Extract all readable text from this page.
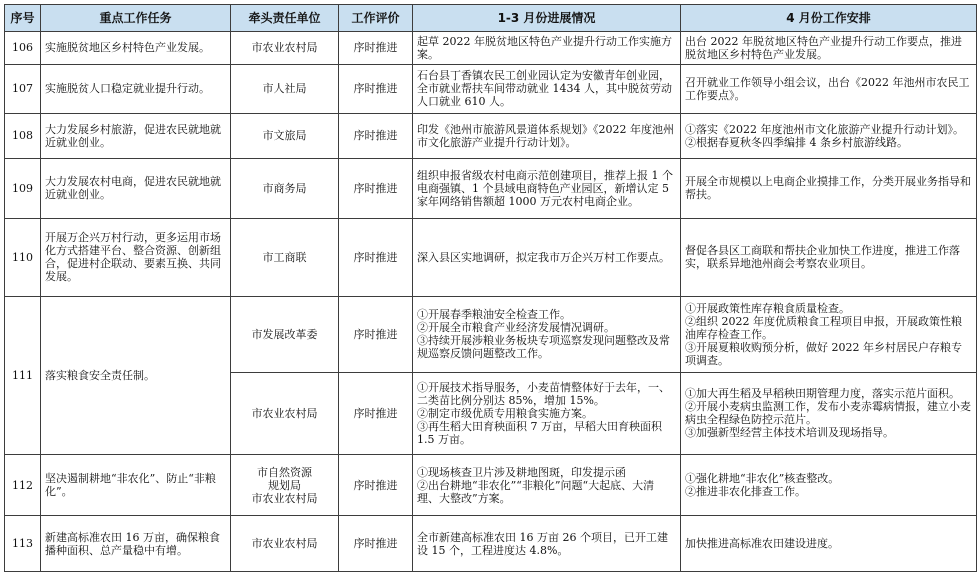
序号	重点工作任务	牵头责任单位	工作评价	1-3 月份进展情况	4 月份工作安排
106	实施脱贫地区乡村特色产业发展。	市农业农村局	序时推进	起草 2022 年脱贫地区特色产业提升行动工作实施方案。	出台 2022 年脱贫地区特色产业提升行动工作要点，推进脱贫地区乡村特色产业发展。
107	实施脱贫人口稳定就业提升行动。	市人社局	序时推进	石台县丁香镇农民工创业园认定为安徽青年创业园，全市就业帮扶车间带动就业 1434 人，其中脱贫劳动人口就业 610 人。	召开就业工作领导小组会议，出台《2022 年池州市农民工工作要点》。
108	大力发展乡村旅游，促进农民就地就近就业创业。	市文旅局	序时推进	印发《池州市旅游风景道体系规划》《2022 年度池州市文化旅游产业提升行动计划》。	①落实《2022 年度池州市文化旅游产业提升行动计划》。 ②根据春夏秋冬四季编排 4 条乡村旅游线路。
109	大力发展农村电商，促进农民就地就近就业创业。	市商务局	序时推进	组织申报省级农村电商示范创建项目，推荐上报 1 个电商强镇、1 个县域电商特色产业园区，新增认定 5 家年网络销售额超 1000 万元农村电商企业。	开展全市规模以上电商企业摸排工作，分类开展业务指导和帮扶。
110	开展万企兴万村行动，更多运用市场化方式搭建平台、整合资源、创新组合，促进村企联动、要素互换、共同发展。	市工商联	序时推进	深入县区实地调研，拟定我市万企兴万村工作要点。	督促各县区工商联和帮扶企业加快工作进度，推进工作落实，联系异地池州商会考察农业项目。
111	落实粮食安全责任制。	市发展改革委	序时推进	①开展春季粮油安全检查工作。
②开展全市粮食产业经济发展情况调研。
③持续开展涉粮业务板块专项巡察发现问题整改及常规巡察反馈问题整改工作。	①开展政策性库存粮食质量检查。
②组织 2022 年度优质粮食工程项目申报，开展政策性粮油库存检查工作。
③开展夏粮收购预分析，做好 2022 年乡村居民户存粮专项调查。

		市农业农村局	序时推进	①开展技术指导服务，小麦苗情整体好于去年，一、二类苗比例分别达 85%，增加 15%。
②制定市级优质专用粮食实施方案。
③再生稻大田育秧面积 7 万亩，早稻大田育秧面积 1.5 万亩。	①加大再生稻及早稻秧田期管理力度，落实示范片面积。
②开展小麦病虫监测工作，发布小麦赤霉病情报，建立小麦病虫全程绿色防控示范片。
③加强新型经营主体技术培训及现场指导。

112	坚决遏制耕地“非农化”、防止“非粮化”。	市自然资源
规划局
市农业农村局	序时推进	①现场核查卫片涉及耕地图斑，印发提示函
②出台耕地“非农化”“非粮化”问题“大起底、大清理、大整改”方案。	①强化耕地“非农化”核查整改。
②推进非农化排查工作。

113	新建高标准农田 16 万亩，确保粮食播种面积、总产量稳中有增。	市农业农村局	序时推进	全市新建高标准农田 16 万亩 26 个项目，已开工建设 15 个，工程进度达 4.8%。	加快推进高标准农田建设进度。
